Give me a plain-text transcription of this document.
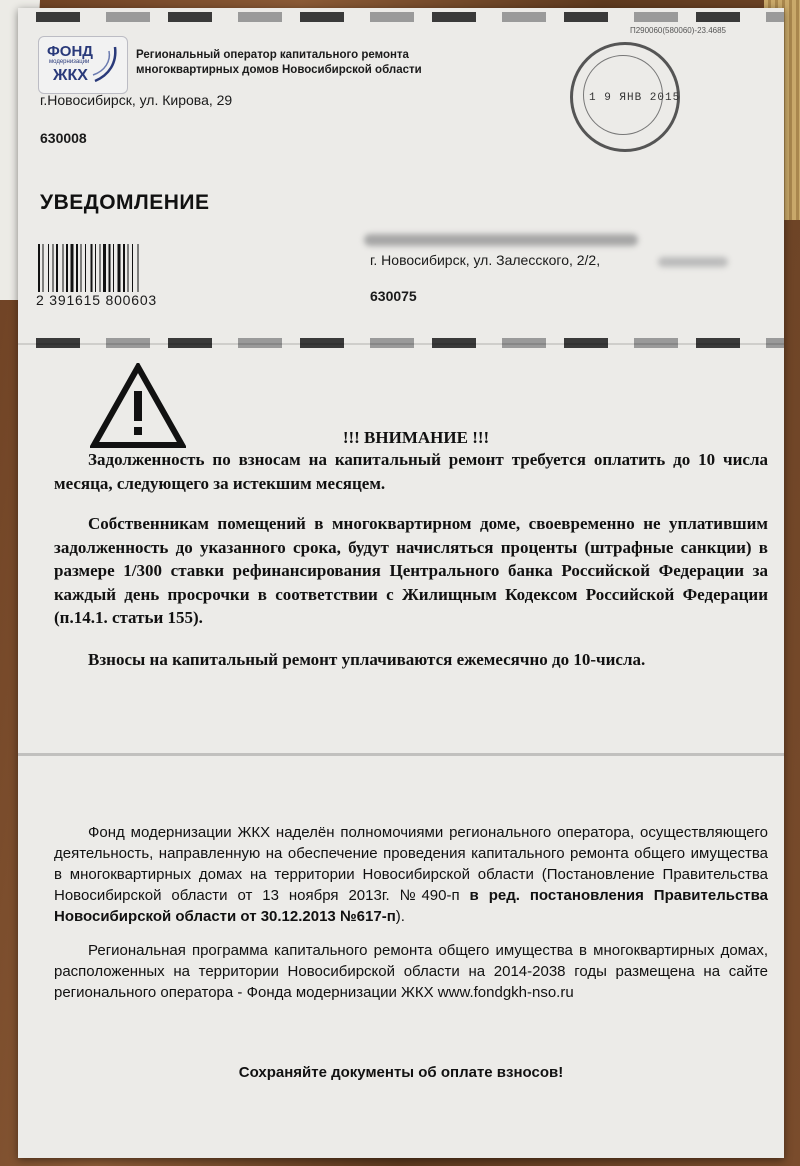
П290060(580060)-23.4685
ФОНД
модернизации
ЖКХ
Региональный оператор капитального ремонта
многоквартирных домов Новосибирской области
1 9 ЯНВ 2015
г.Новосибирск, ул. Кирова, 29
630008
УВЕДОМЛЕНИЕ
2 391615 800603
г. Новосибирск, ул. Залесского, 2/2,
630075
!!! ВНИМАНИЕ !!!
Задолженность по взносам на капитальный ремонт требуется оплатить до 10 числа месяца, следующего за истекшим месяцем.
Собственникам помещений в многоквартирном доме, своевременно не уплатившим задолженность до указанного срока, будут начисляться проценты (штрафные санкции) в размере 1/300 ставки рефинансирования Центрального банка Российской Федерации за каждый день просрочки в соответствии с Жилищным Кодексом Российской Федерации (п.14.1. статьи 155).
Взносы на капитальный ремонт уплачиваются ежемесячно до 10-числа.
Фонд модернизации ЖКХ наделён полномочиями регионального оператора, осуществляющего деятельность, направленную на обеспечение проведения капитального ремонта общего имущества в многоквартирных домах на территории Новосибирской области (Постановление Правительства Новосибирской области от 13 ноября 2013г. №490-п в ред. постановления Правительства Новосибирской области от 30.12.2013 №617-п).
Региональная программа капитального ремонта общего имущества в многоквартирных домах, расположенных на территории Новосибирской области на 2014-2038 годы размещена на сайте регионального оператора - Фонда модернизации ЖКХ www.fondgkh-nso.ru
Сохраняйте документы об оплате взносов!
